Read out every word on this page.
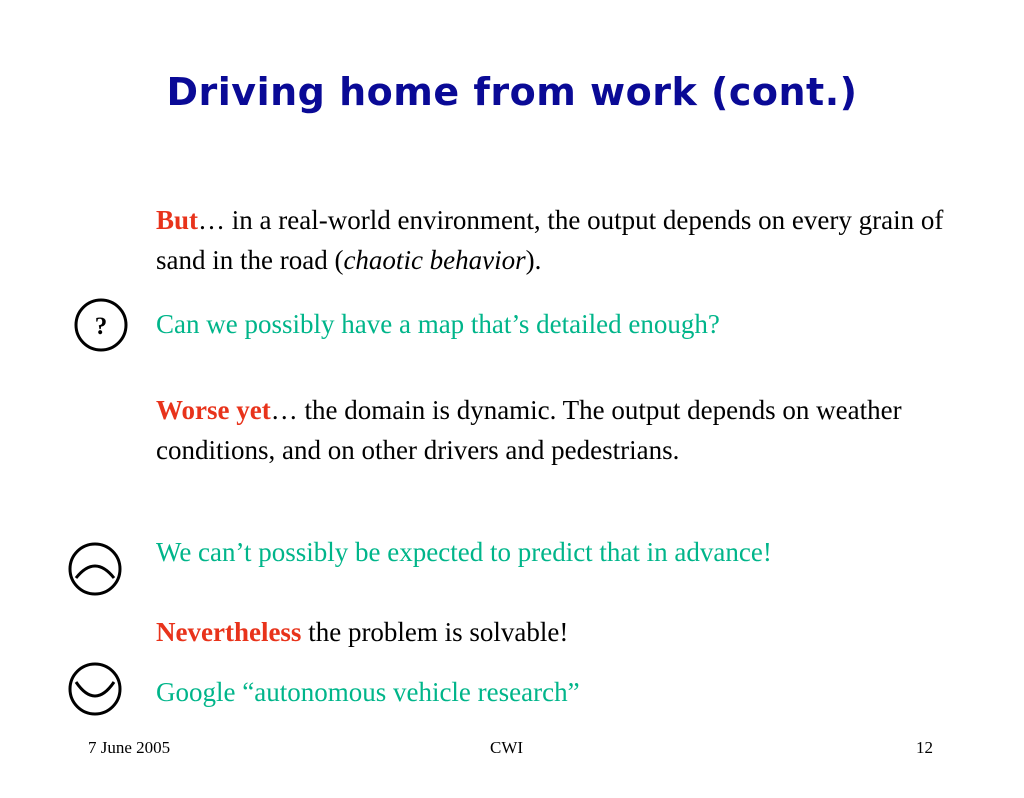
Driving home from work (cont.)
But… in a real-world environment, the output depends on every grain of sand in the road (chaotic behavior).
? Can we possibly have a map that’s detailed enough?
Worse yet… the domain is dynamic. The output depends on weather conditions, and on other drivers and pedestrians.
We can’t possibly be expected to predict that in advance!
Nevertheless the problem is solvable!
Google “autonomous vehicle research”
7 June 2005	CWI	12
